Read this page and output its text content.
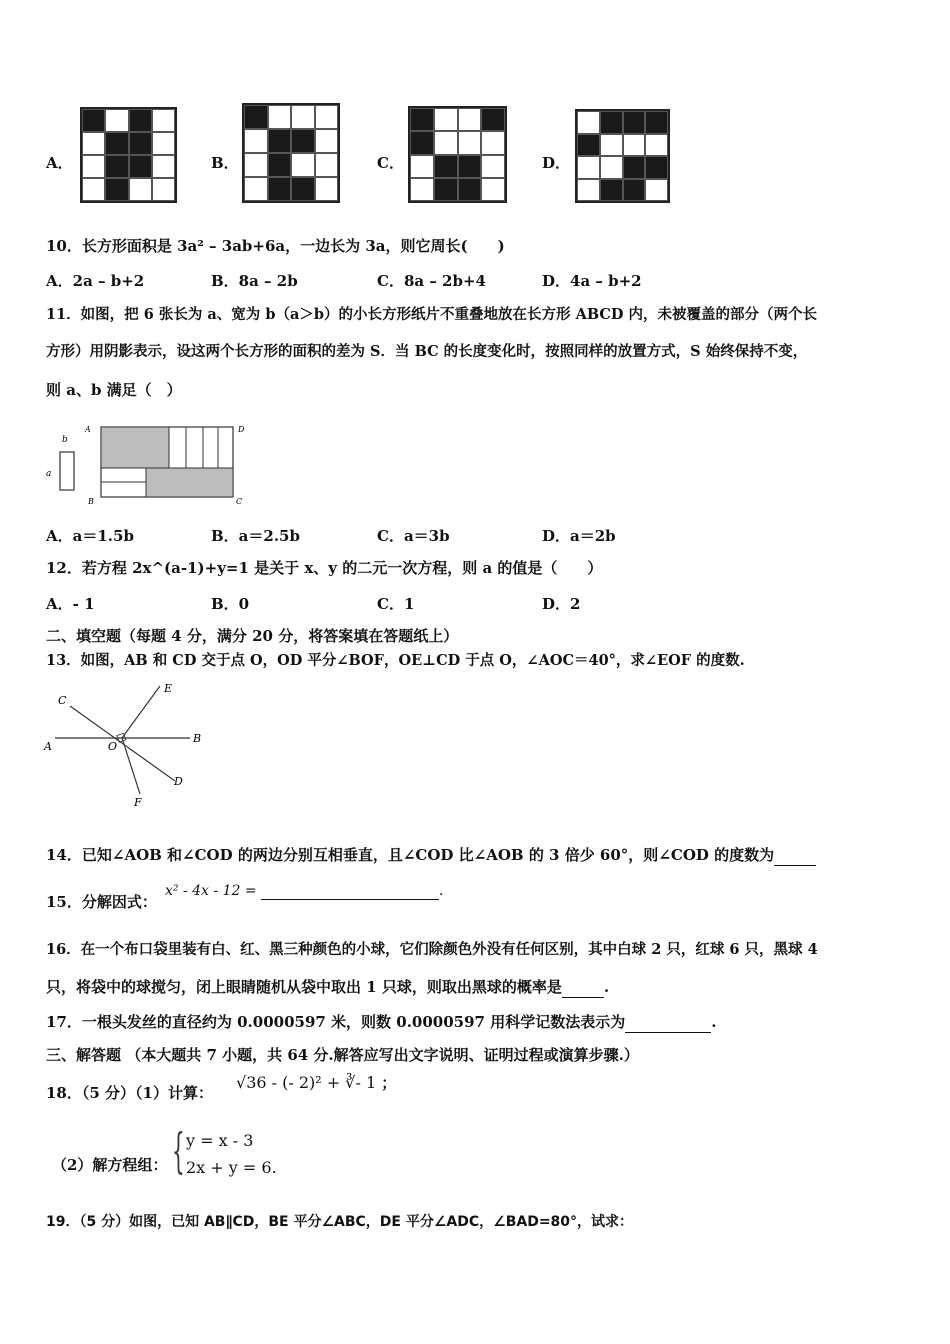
A．	B．	C．	D．
10．长方形面积是 3a² – 3ab+6a，一边长为 3a，则它周长(　　)
A．2a – b+2	B．8a – 2b	C．8a – 2b+4	D．4a – b+2
11．如图，把 6 张长为 a、宽为 b（a＞b）的小长方形纸片不重叠地放在长方形 ABCD 内，未被覆盖的部分（两个长
方形）用阴影表示，设这两个长方形的面积的差为 S．当 BC 的长度变化时，按照同样的放置方式，S 始终保持不变，
则 a、b 满足（　）
b
a
A	D
B	C
A．a＝1.5b	B．a＝2.5b	C．a＝3b	D．a＝2b
12．若方程 2x^(a-1)+y=1 是关于 x、y 的二元一次方程，则 a 的值是（　　）
A．- 1	B．0	C．1	D．2
二、填空题（每题 4 分，满分 20 分，将答案填在答题纸上）
13．如图，AB 和 CD 交于点 O，OD 平分∠BOF，OE⊥CD 于点 O，∠AOC＝40°，求∠EOF 的度数.
C
E
A	O
B
D
F
14．已知∠AOB 和∠COD 的两边分别互相垂直，且∠COD 比∠AOB 的 3 倍少 60°，则∠COD 的度数为
15．分解因式：
x² - 4x - 12 =	.
16．在一个布口袋里装有白、红、黑三种颜色的小球，它们除颜色外没有任何区别，其中白球 2 只，红球 6 只，黑球 4
只，将袋中的球搅匀，闭上眼睛随机从袋中取出 1 只球，则取出黑球的概率是	.
17．一根头发丝的直径约为 0.0000597 米，则数 0.0000597 用科学记数法表示为	.
三、解答题 （本大题共 7 小题，共 64 分.解答应写出文字说明、证明过程或演算步骤.）
18．（5 分）（1）计算：
√36 - (- 2)² + ∛- 1 ；
（2）解方程组： { y = x - 3
2x + y = 6.
19．（5 分）如图，已知 AB∥CD，BE 平分∠ABC，DE 平分∠ADC，∠BAD=80°，试求：
